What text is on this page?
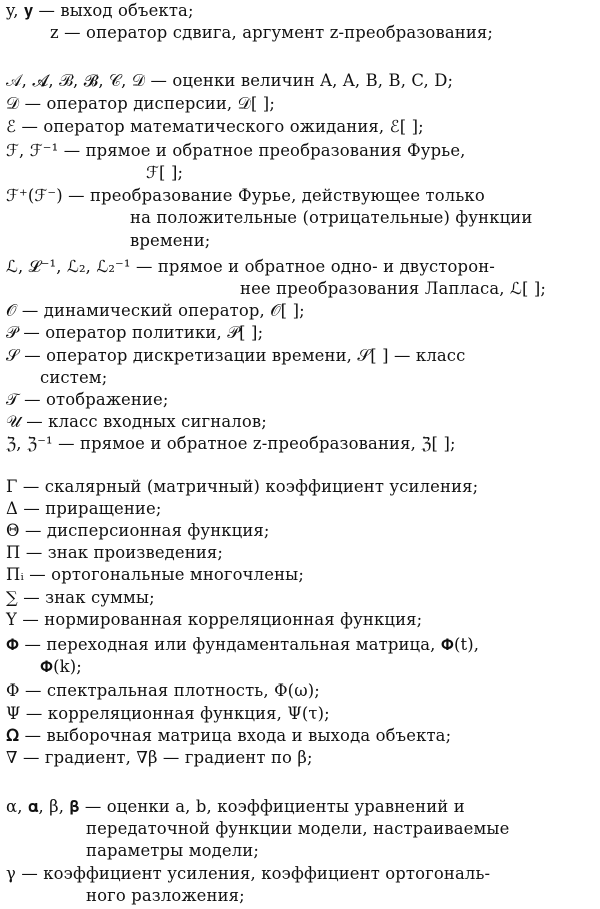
y, 𝐲 — выход объекта;
z — оператор сдвига, аргумент z-преобразования;
𝒜, 𝓐, ℬ, 𝓑, 𝒞, 𝒟 — оценки величин A, A, B, B, C, D;
𝒟 — оператор дисперсии, 𝒟[ ];
ℰ — оператор математического ожидания, ℰ[ ];
ℱ, ℱ⁻¹ — прямое и обратное преобразования Фурье,
ℱ[ ];
ℱ⁺(ℱ⁻) — преобразование Фурье, действующее только
на положительные (отрицательные) функции
времени;
ℒ, 𝓛⁻¹, ℒ₂, ℒ₂⁻¹ — прямое и обратное одно- и двусторон-
нее преобразования Лапласа, ℒ[ ];
𝒪 — динамический оператор, 𝒪[ ];
𝒫 — оператор политики, 𝒫[ ];
𝒮 — оператор дискретизации времени, 𝒮[ ] — класс
систем;
𝒯 — отображение;
𝒰 — класс входных сигналов;
ℨ, ℨ⁻¹ — прямое и обратное z-преобразования, ℨ[ ];
Γ — скалярный (матричный) коэффициент усиления;
Δ — приращение;
Θ — дисперсионная функция;
Π — знак произведения;
Πᵢ — ортогональные многочлены;
∑ — знак суммы;
Y — нормированная корреляционная функция;
𝚽 — переходная или фундаментальная матрица, 𝚽(t),
𝚽(k);
Φ — спектральная плотность, Φ(ω);
Ψ — корреляционная функция, Ψ(τ);
𝛀 — выборочная матрица входа и выхода объекта;
∇ — градиент, ∇β — градиент по β;
α, 𝛂, β, 𝛃 — оценки a, b, коэффициенты уравнений и
передаточной функции модели, настраиваемые
параметры модели;
γ — коэффициент усиления, коэффициент ортогональ-
ного разложения;
